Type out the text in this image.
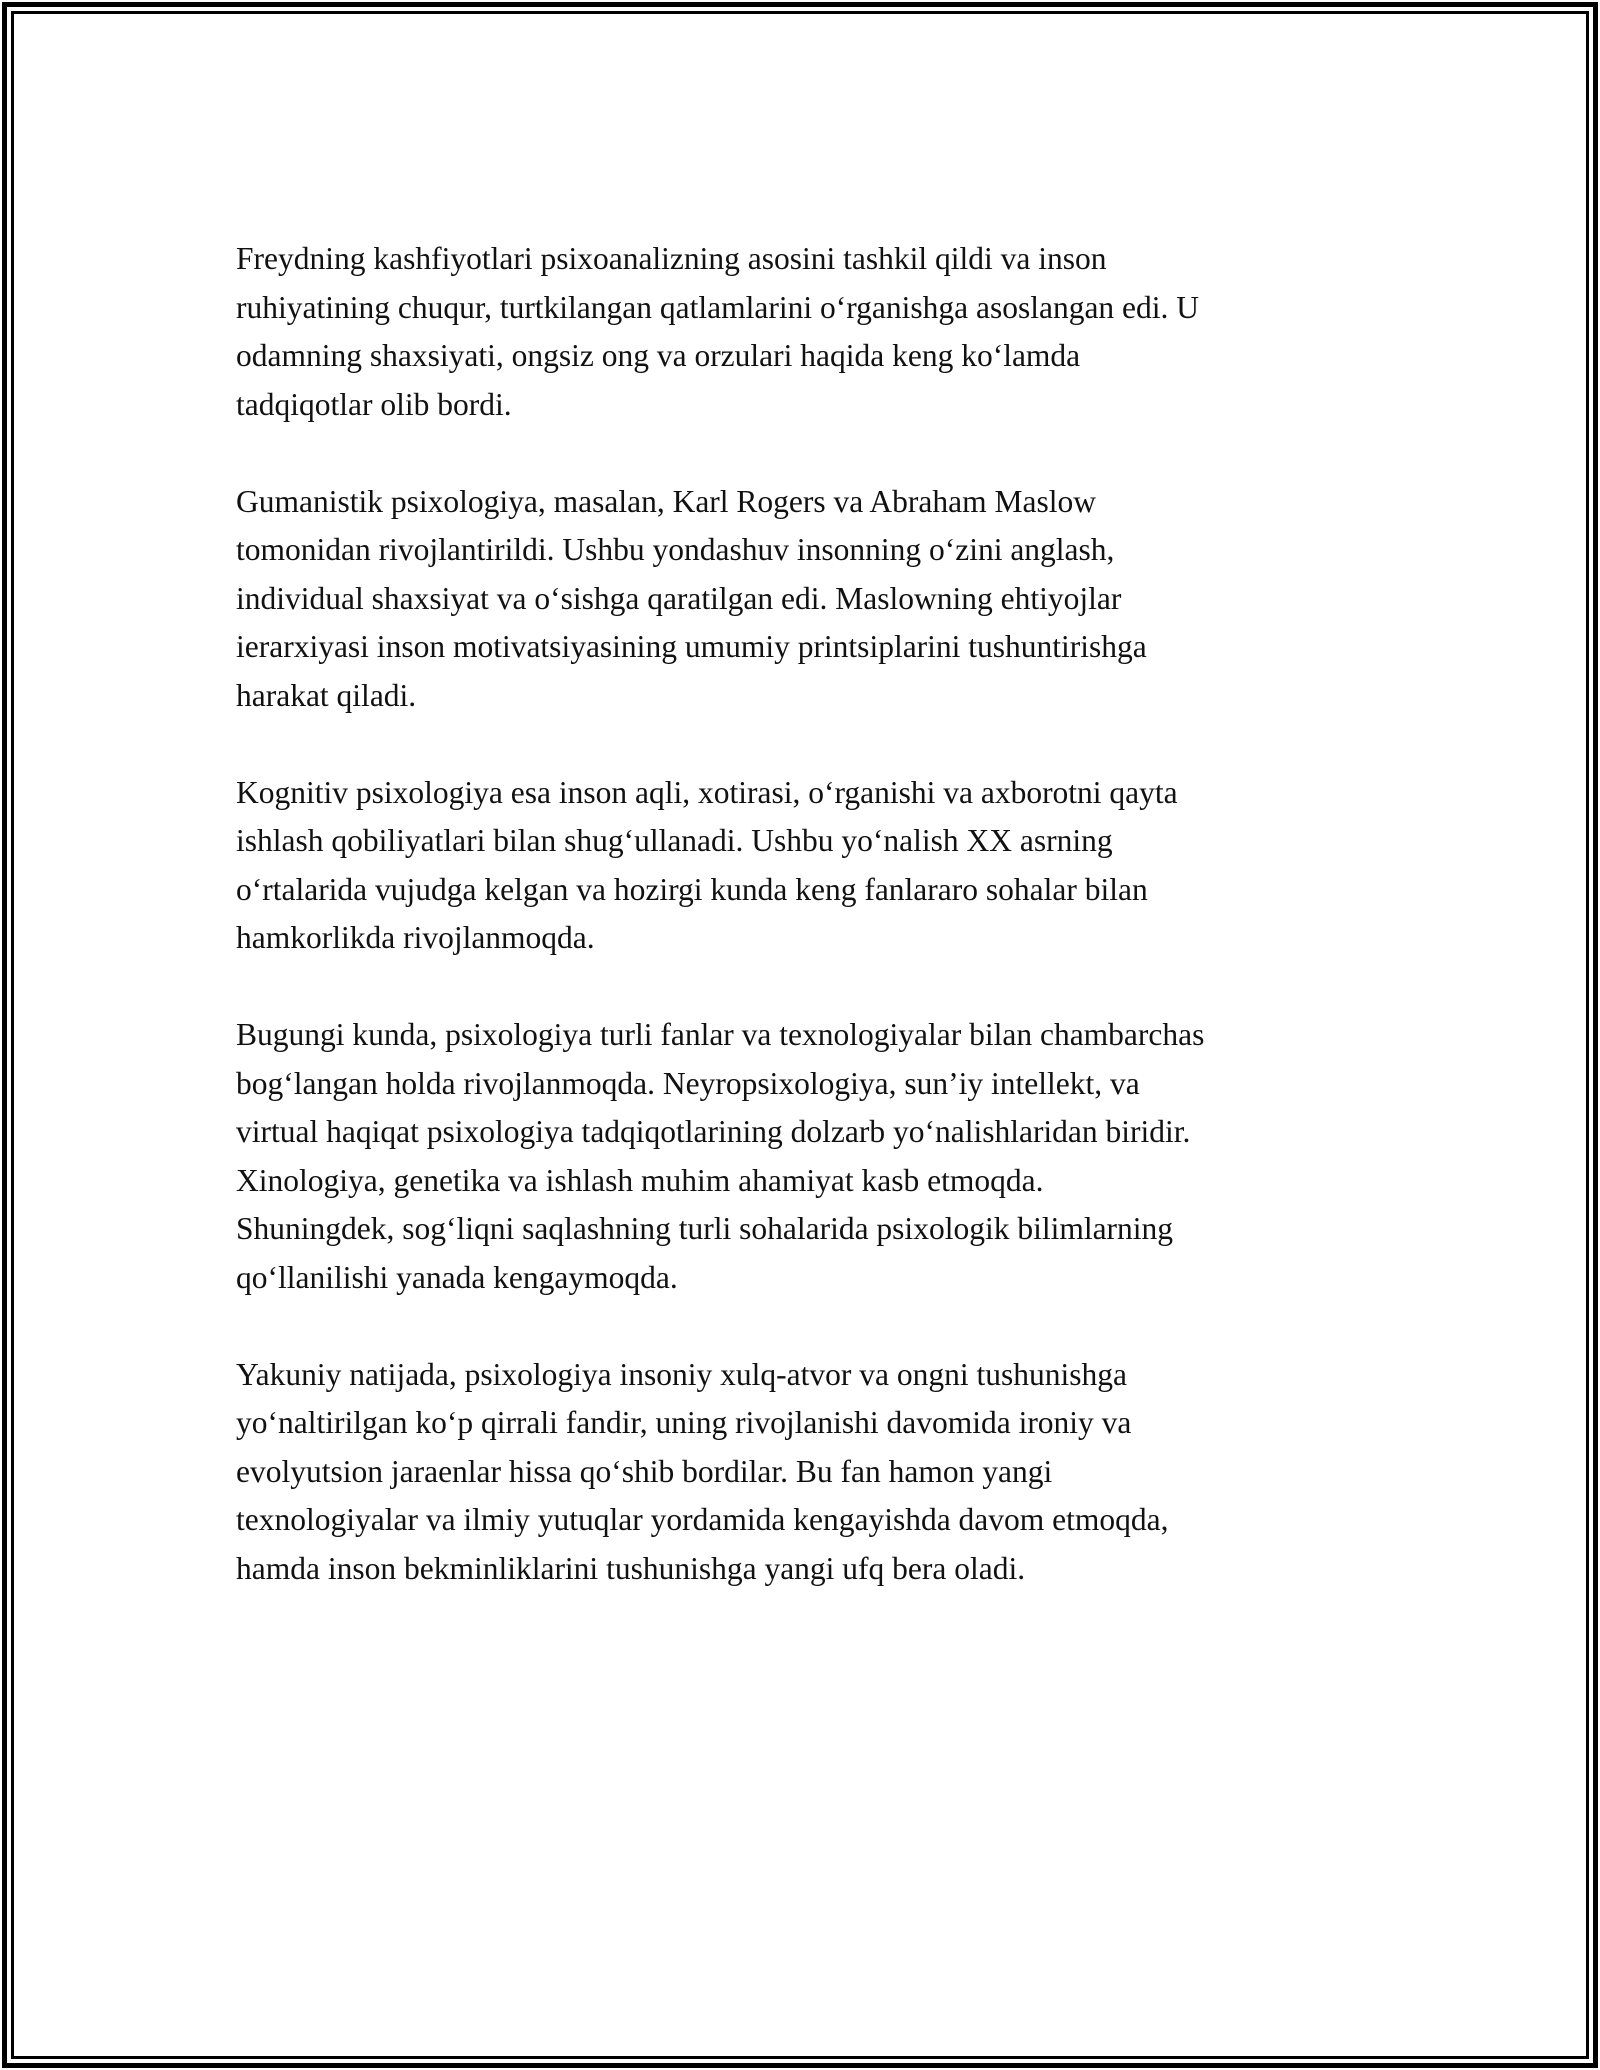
Freydning kashfiyotlari psixoanalizning asosini tashkil qildi va inson
ruhiyatining chuqur, turtkilangan qatlamlarini o‘rganishga asoslangan edi. U
odamning shaxsiyati, ongsiz ong va orzulari haqida keng ko‘lamda
tadqiqotlar olib bordi.

Gumanistik psixologiya, masalan, Karl Rogers va Abraham Maslow
tomonidan rivojlantirildi. Ushbu yondashuv insonning o‘zini anglash,
individual shaxsiyat va o‘sishga qaratilgan edi. Maslowning ehtiyojlar
ierarxiyasi inson motivatsiyasining umumiy printsiplarini tushuntirishga
harakat qiladi.

Kognitiv psixologiya esa inson aqli, xotirasi, o‘rganishi va axborotni qayta
ishlash qobiliyatlari bilan shug‘ullanadi. Ushbu yo‘nalish XX asrning
o‘rtalarida vujudga kelgan va hozirgi kunda keng fanlararo sohalar bilan
hamkorlikda rivojlanmoqda.

Bugungi kunda, psixologiya turli fanlar va texnologiyalar bilan chambarchas
bog‘langan holda rivojlanmoqda. Neyropsixologiya, sun’iy intellekt, va
virtual haqiqat psixologiya tadqiqotlarining dolzarb yo‘nalishlaridan biridir.
Xinologiya, genetika va ishlash muhim ahamiyat kasb etmoqda.
Shuningdek, sog‘liqni saqlashning turli sohalarida psixologik bilimlarning
qo‘llanilishi yanada kengaymoqda.

Yakuniy natijada, psixologiya insoniy xulq-atvor va ongni tushunishga
yo‘naltirilgan ko‘p qirrali fandir, uning rivojlanishi davomida ironiy va
evolyutsion jaraenlar hissa qo‘shib bordilar. Bu fan hamon yangi
texnologiyalar va ilmiy yutuqlar yordamida kengayishda davom etmoqda,
hamda inson bekminliklarini tushunishga yangi ufq bera oladi.
